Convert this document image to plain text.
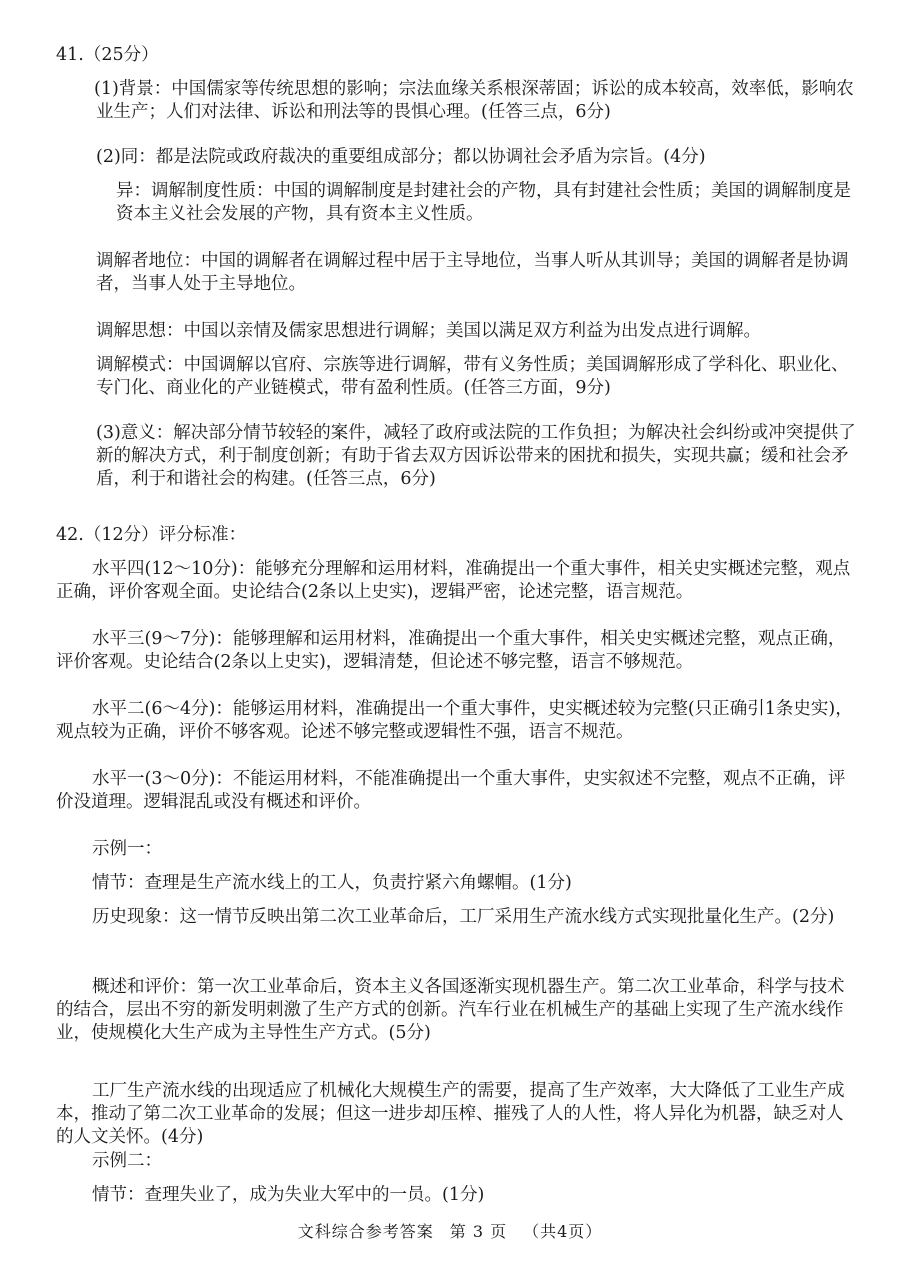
41.（25分）

(1)背景：中国儒家等传统思想的影响；宗法血缘关系根深蒂固；诉讼的成本较高，效率低，影响农业生产；人们对法律、诉讼和刑法等的畏惧心理。(任答三点，6分)

(2)同：都是法院或政府裁决的重要组成部分；都以协调社会矛盾为宗旨。(4分)

异：调解制度性质：中国的调解制度是封建社会的产物，具有封建社会性质；美国的调解制度是资本主义社会发展的产物，具有资本主义性质。

调解者地位：中国的调解者在调解过程中居于主导地位，当事人听从其训导；美国的调解者是协调者，当事人处于主导地位。

调解思想：中国以亲情及儒家思想进行调解；美国以满足双方利益为出发点进行调解。

调解模式：中国调解以官府、宗族等进行调解，带有义务性质；美国调解形成了学科化、职业化、专门化、商业化的产业链模式，带有盈利性质。(任答三方面，9分)

(3)意义：解决部分情节较轻的案件，减轻了政府或法院的工作负担；为解决社会纠纷或冲突提供了新的解决方式，利于制度创新；有助于省去双方因诉讼带来的困扰和损失，实现共赢；缓和社会矛盾，利于和谐社会的构建。(任答三点，6分)

42.（12分）评分标准：

水平四(12～10分)：能够充分理解和运用材料，准确提出一个重大事件，相关史实概述完整，观点正确，评价客观全面。史论结合(2条以上史实)，逻辑严密，论述完整，语言规范。

水平三(9～7分)：能够理解和运用材料，准确提出一个重大事件，相关史实概述完整，观点正确，评价客观。史论结合(2条以上史实)，逻辑清楚，但论述不够完整，语言不够规范。

水平二(6～4分)：能够运用材料，准确提出一个重大事件，史实概述较为完整(只正确引1条史实)，观点较为正确，评价不够客观。论述不够完整或逻辑性不强，语言不规范。

水平一(3～0分)：不能运用材料，不能准确提出一个重大事件，史实叙述不完整，观点不正确，评价没道理。逻辑混乱或没有概述和评价。

示例一：

情节：查理是生产流水线上的工人，负责拧紧六角螺帽。(1分)

历史现象：这一情节反映出第二次工业革命后，工厂采用生产流水线方式实现批量化生产。(2分)

概述和评价：第一次工业革命后，资本主义各国逐渐实现机器生产。第二次工业革命，科学与技术的结合，层出不穷的新发明刺激了生产方式的创新。汽车行业在机械生产的基础上实现了生产流水线作业，使规模化大生产成为主导性生产方式。(5分)

工厂生产流水线的出现适应了机械化大规模生产的需要，提高了生产效率，大大降低了工业生产成本，推动了第二次工业革命的发展；但这一进步却压榨、摧残了人的人性，将人异化为机器，缺乏对人的人文关怀。(4分)

示例二：

情节：查理失业了，成为失业大军中的一员。(1分)

文科综合参考答案 第 3 页 （共4页）
